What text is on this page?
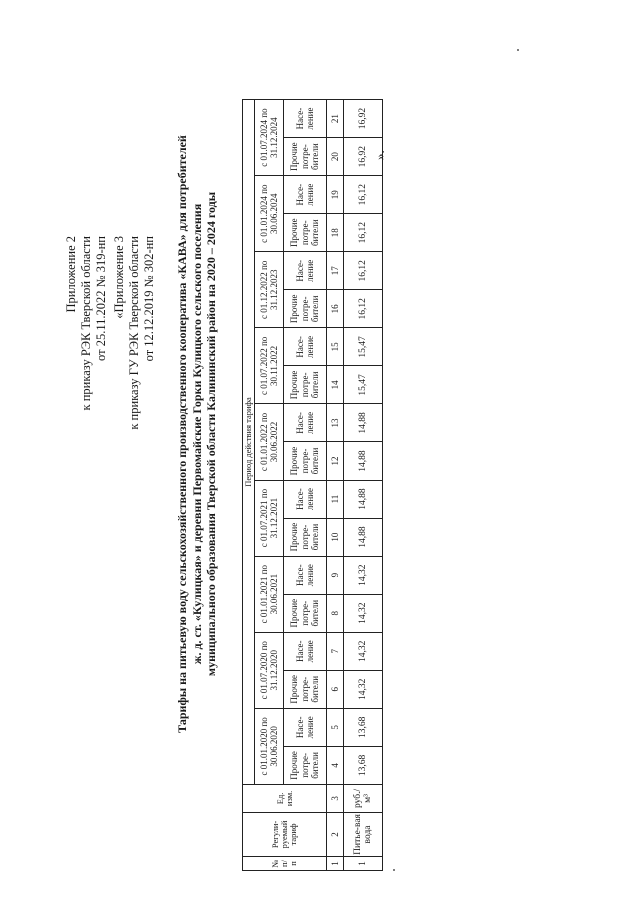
Приложение 2 к приказу РЭК Тверской области от 25.11.2022 № 319-нп «Приложение 3 к приказу ГУ РЭК Тверской области от 12.12.2019 № 302-нп Тарифы на питьевую воду сельскохозяйственного производственного кооператива «КАВА» для потребителей ж. д. ст. «Кулицкая» и деревни Первомайские Горки Кулицкого сельского поселения муниципального образования Тверской области Калининский район на 2020 – 2024 годы
№ п/ п	Регули-руемый тариф	Ед. изм.	Период действия тарифа																	
			с 01.01.2020 по 30.06.2020		с 01.07.2020 по 31.12.2020		с 01.01.2021 по 30.06.2021		с 01.07.2021 по 31.12.2021		с 01.01.2022 по 30.06.2022		с 01.07.2022 по 30.11.2022		с 01.12.2022 по 31.12.2023		с 01.01.2024 по 30.06.2024		с 01.07.2024 по 31.12.2024	
			Прочие потре-бители	Насе-ление	Прочие потре-бители	Насе-ление	Прочие потре-бители	Насе-ление	Прочие потре-бители	Насе-ление	Прочие потре-бители	Насе-ление	Прочие потре-бители	Насе-ление	Прочие потре-бители	Насе-ление	Прочие потре-бители	Насе-ление	Прочие потре-бители	Насе-ление
1	2	3	4	5	6	7	8	9	10	11	12	13	14	15	16	17	18	19	20	21
1	Питье-вая вода	руб./м³	13,68	13,68	14,32	14,32	14,32	14,32	14,88	14,88	14,88	14,88	15,47	15,47	16,12	16,12	16,12	16,12	16,92	16,92
».
